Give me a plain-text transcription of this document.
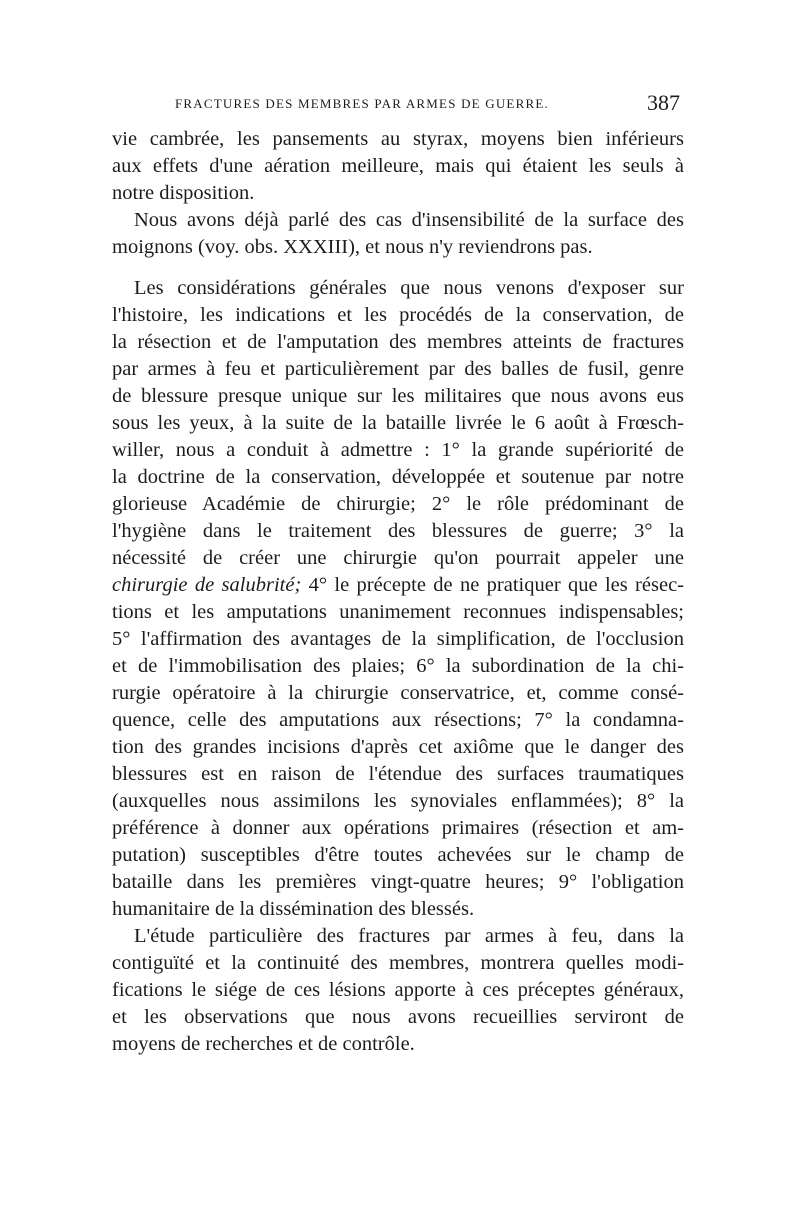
FRACTURES DES MEMBRES PAR ARMES DE GUERRE.	387
vie cambrée, les pansements au styrax, moyens bien inférieurs
aux effets d'une aération meilleure, mais qui étaient les seuls à
notre disposition.
Nous avons déjà parlé des cas d'insensibilité de la surface des
moignons (voy. obs. XXXIII), et nous n'y reviendrons pas.
Les considérations générales que nous venons d'exposer sur
l'histoire, les indications et les procédés de la conservation, de
la résection et de l'amputation des membres atteints de fractures
par armes à feu et particulièrement par des balles de fusil, genre
de blessure presque unique sur les militaires que nous avons eus
sous les yeux, à la suite de la bataille livrée le 6 août à Frœsch-
willer, nous a conduit à admettre : 1° la grande supériorité de
la doctrine de la conservation, développée et soutenue par notre
glorieuse Académie de chirurgie; 2° le rôle prédominant de
l'hygiène dans le traitement des blessures de guerre; 3° la
nécessité de créer une chirurgie qu'on pourrait appeler une
chirurgie de salubrité; 4° le précepte de ne pratiquer que les résec-
tions et les amputations unanimement reconnues indispensables;
5° l'affirmation des avantages de la simplification, de l'occlusion
et de l'immobilisation des plaies; 6° la subordination de la chi-
rurgie opératoire à la chirurgie conservatrice, et, comme consé-
quence, celle des amputations aux résections; 7° la condamna-
tion des grandes incisions d'après cet axiôme que le danger des
blessures est en raison de l'étendue des surfaces traumatiques
(auxquelles nous assimilons les synoviales enflammées); 8° la
préférence à donner aux opérations primaires (résection et am-
putation) susceptibles d'être toutes achevées sur le champ de
bataille dans les premières vingt-quatre heures; 9° l'obligation
humanitaire de la dissémination des blessés.
L'étude particulière des fractures par armes à feu, dans la
contiguïté et la continuité des membres, montrera quelles modi-
fications le siége de ces lésions apporte à ces préceptes généraux,
et les observations que nous avons recueillies serviront de
moyens de recherches et de contrôle.
